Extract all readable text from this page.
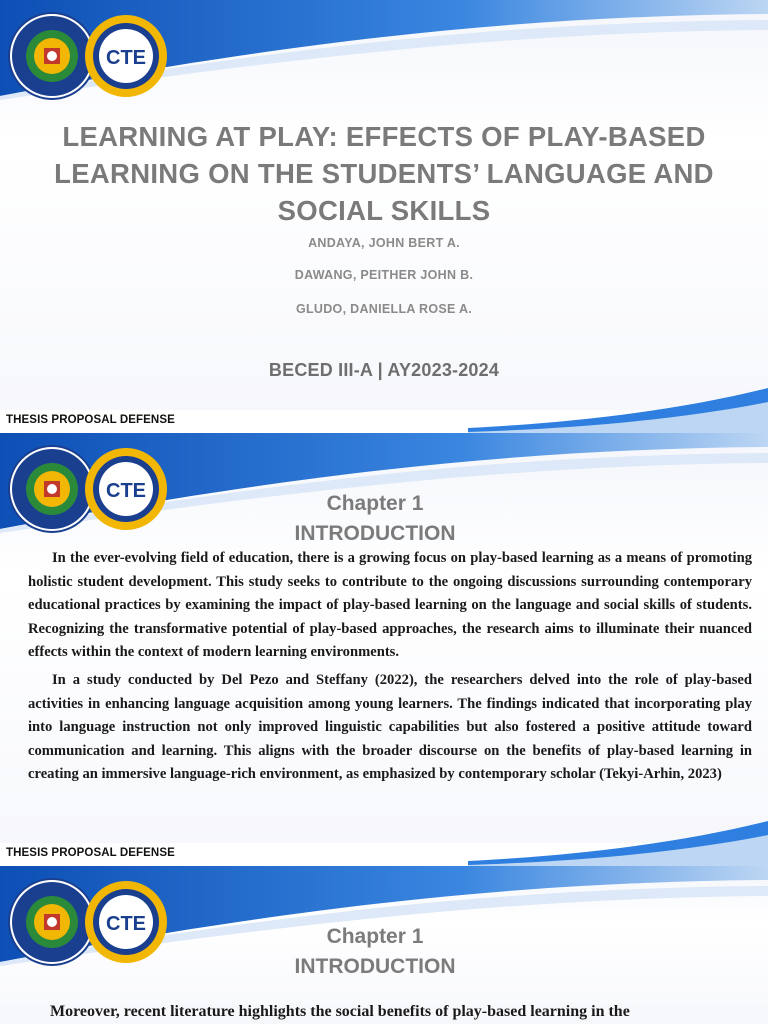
CTE
LEARNING AT PLAY: EFFECTS OF PLAY-BASED LEARNING ON THE STUDENTS’ LANGUAGE AND SOCIAL SKILLS
ANDAYA, JOHN BERT A.
DAWANG, PEITHER JOHN B.
GLUDO, DANIELLA ROSE A.
BECED III-A | AY2023-2024
THESIS PROPOSAL DEFENSE
CTE
Chapter 1
INTRODUCTION

In the ever-evolving field of education, there is a growing focus on play-based learning as a means of promoting holistic student development. This study seeks to contribute to the ongoing discussions surrounding contemporary educational practices by examining the impact of play-based learning on the language and social skills of students. Recognizing the transformative potential of play-based approaches, the research aims to illuminate their nuanced effects within the context of modern learning environments.

In a study conducted by Del Pezo and Steffany (2022), the researchers delved into the role of play-based activities in enhancing language acquisition among young learners. The findings indicated that incorporating play into language instruction not only improved linguistic capabilities but also fostered a positive attitude toward communication and learning. This aligns with the broader discourse on the benefits of play-based learning in creating an immersive language-rich environment, as emphasized by contemporary scholar (Tekyi-Arhin, 2023)

THESIS PROPOSAL DEFENSE
CTE
Chapter 1
INTRODUCTION

Moreover, recent literature highlights the social benefits of play-based learning in the
